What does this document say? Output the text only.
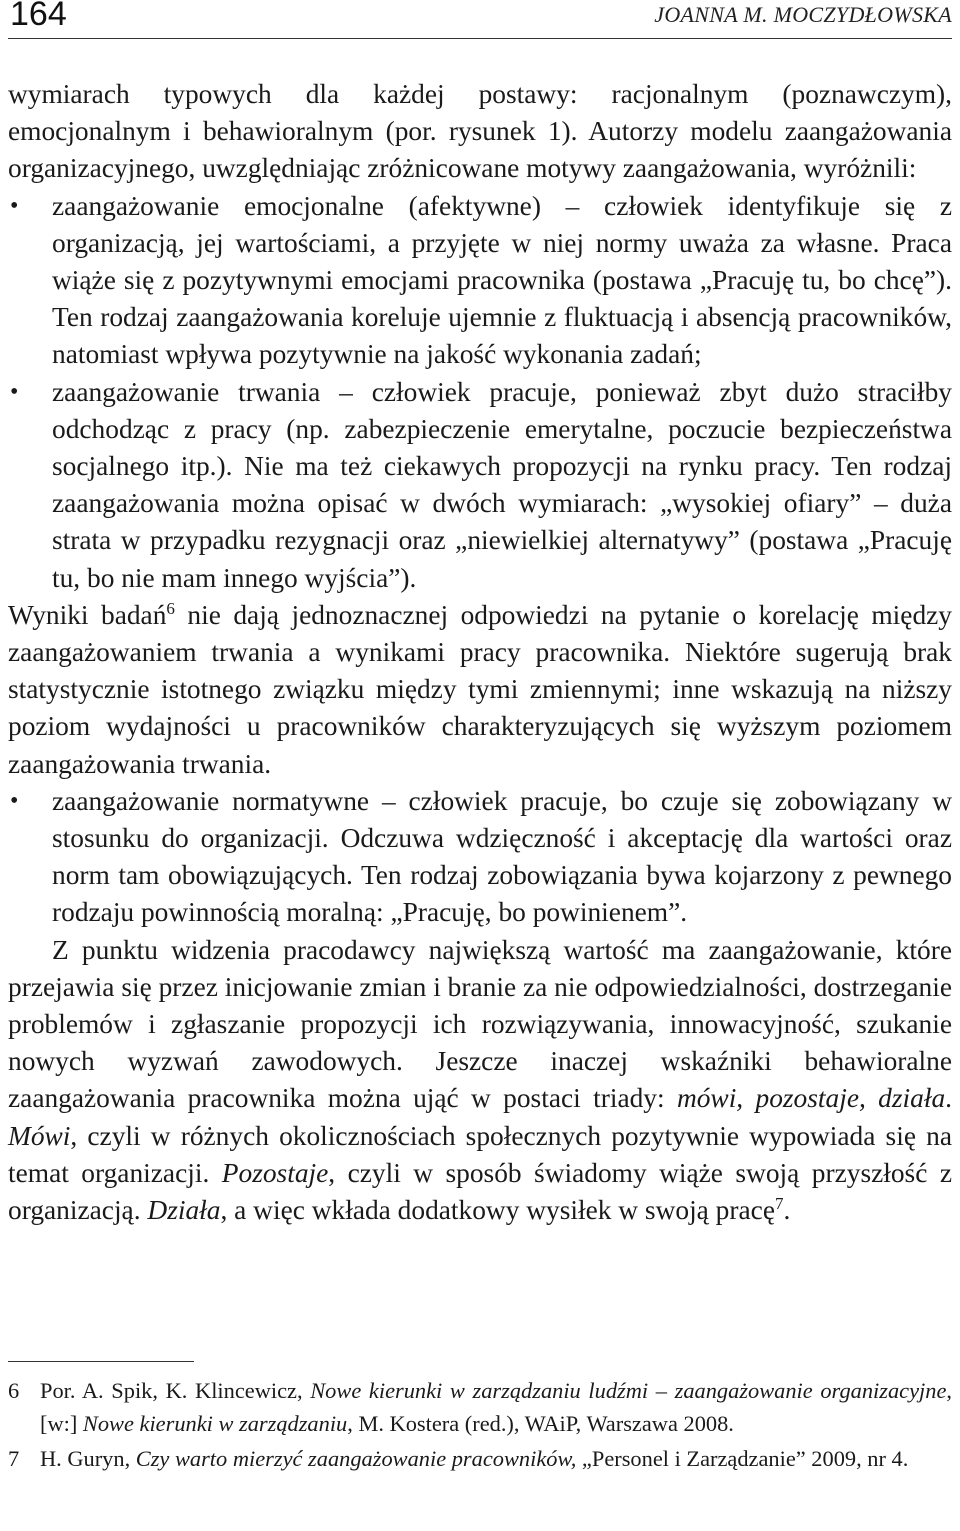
164	JOANNA M. MOCZYDŁOWSKA

wymiarach typowych dla każdej postawy: racjonalnym (poznawczym), emocjonalnym i behawioralnym (por. rysunek 1). Autorzy modelu zaangażowania organizacyjnego, uwzględniając zróżnicowane motywy zaangażowania, wyróżnili:

• zaangażowanie emocjonalne (afektywne) – człowiek identyfikuje się z organizacją, jej wartościami, a przyjęte w niej normy uważa za własne. Praca wiąże się z pozytywnymi emocjami pracownika (postawa „Pracuję tu, bo chcę”). Ten rodzaj zaangażowania koreluje ujemnie z fluktuacją i absencją pracowników, natomiast wpływa pozytywnie na jakość wykonania zadań;
• zaangażowanie trwania – człowiek pracuje, ponieważ zbyt dużo straciłby odchodząc z pracy (np. zabezpieczenie emerytalne, poczucie bezpieczeństwa socjalnego itp.). Nie ma też ciekawych propozycji na rynku pracy. Ten rodzaj zaangażowania można opisać w dwóch wymiarach: „wysokiej ofiary” – duża strata w przypadku rezygnacji oraz „niewielkiej alternatywy” (postawa „Pracuję tu, bo nie mam innego wyjścia”).

Wyniki badań$^6$ nie dają jednoznacznej odpowiedzi na pytanie o korelację między zaangażowaniem trwania a wynikami pracy pracownika. Niektóre sugerują brak statystycznie istotnego związku między tymi zmiennymi; inne wskazują na niższy poziom wydajności u pracowników charakteryzujących się wyższym poziomem zaangażowania trwania.

• zaangażowanie normatywne – człowiek pracuje, bo czuje się zobowiązany w stosunku do organizacji. Odczuwa wdzięczność i akceptację dla wartości oraz norm tam obowiązujących. Ten rodzaj zobowiązania bywa kojarzony z pewnego rodzaju powinnością moralną: „Pracuję, bo powinienem”.

Z punktu widzenia pracodawcy największą wartość ma zaangażowanie, które przejawia się przez inicjowanie zmian i branie za nie odpowiedzialności, dostrzeganie problemów i zgłaszanie propozycji ich rozwiązywania, innowacyjność, szukanie nowych wyzwań zawodowych. Jeszcze inaczej wskaźniki behawioralne zaangażowania pracownika można ująć w postaci triady: mówi, pozostaje, działa. Mówi, czyli w różnych okolicznościach społecznych pozytywnie wypowiada się na temat organizacji. Pozostaje, czyli w sposób świadomy wiąże swoją przyszłość z organizacją. Działa, a więc wkłada dodatkowy wysiłek w swoją pracę$^7$.

6 Por. A. Spik, K. Klincewicz, Nowe kierunki w zarządzaniu ludźmi – zaangażowanie organizacyjne, [w:] Nowe kierunki w zarządzaniu, M. Kostera (red.), WAiP, Warszawa 2008.
7 H. Guryn, Czy warto mierzyć zaangażowanie pracowników, „Personel i Zarządzanie” 2009, nr 4.
